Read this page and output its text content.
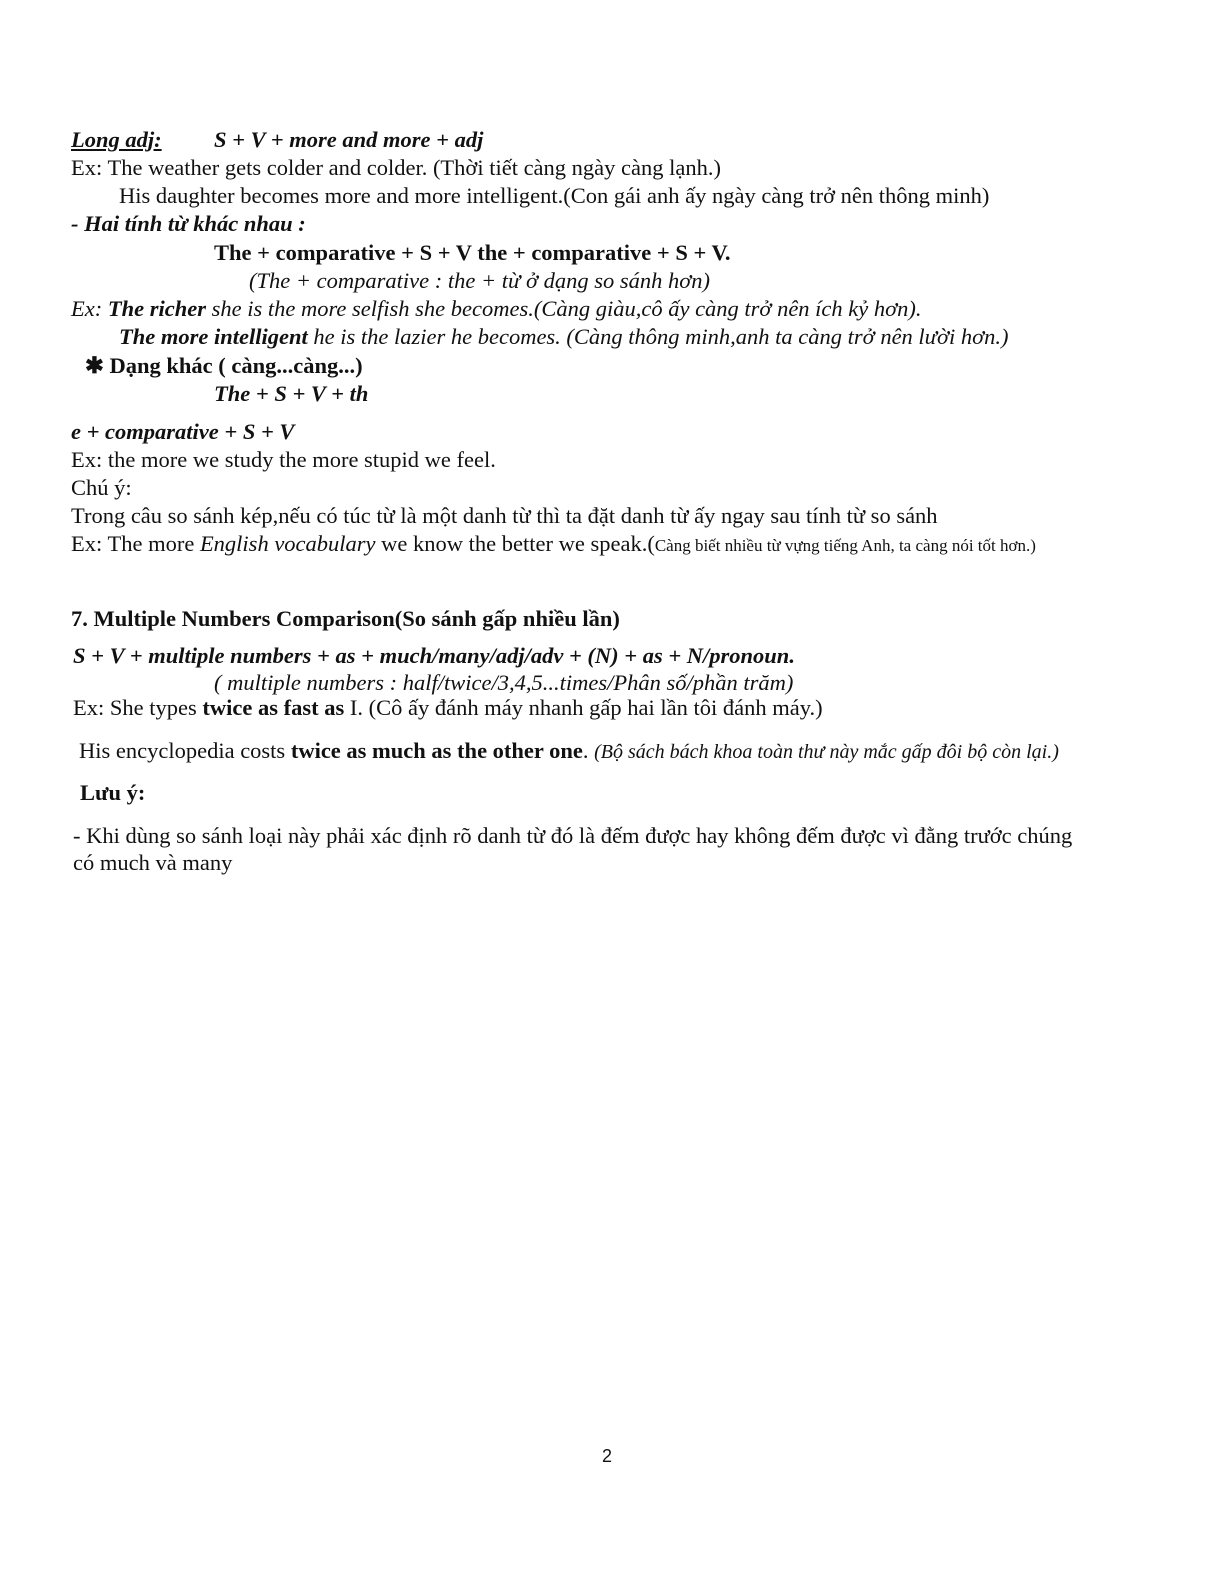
Long adj: S + V + more and more + adj
Ex: The weather gets colder and colder. (Thời tiết càng ngày càng lạnh.)
His daughter becomes more and more intelligent.(Con gái anh ấy ngày càng trở nên thông minh)
- Hai tính từ khác nhau :
The + comparative + S + V the + comparative + S + V.
(The + comparative : the + từ ở dạng so sánh hơn)
Ex: The richer she is the more selfish she becomes.(Càng giàu,cô ấy càng trở nên ích kỷ hơn).
The more intelligent he is the lazier he becomes. (Càng thông minh,anh ta càng trở nên lười hơn.)
✱ Dạng khác ( càng...càng...)
The + S + V + th
e + comparative + S + V
Ex: the more we study the more stupid we feel.
Chú ý:
Trong câu so sánh kép,nếu có túc từ là một danh từ thì ta đặt danh từ ấy ngay sau tính từ so sánh
Ex: The more English vocabulary we know the better we speak.(Càng biết nhiều từ vựng tiếng Anh, ta càng nói tốt hơn.)
7. Multiple Numbers Comparison(So sánh gấp nhiều lần)
S + V + multiple numbers + as + much/many/adj/adv + (N) + as + N/pronoun.
( multiple numbers : half/twice/3,4,5...times/Phân số/phần trăm)
Ex: She types twice as fast as I. (Cô ấy đánh máy nhanh gấp hai lần tôi đánh máy.)
His encyclopedia costs twice as much as the other one. (Bộ sách bách khoa toàn thư này mắc gấp đôi bộ còn lại.)
Lưu ý:
- Khi dùng so sánh loại này phải xác định rõ danh từ đó là đếm được hay không đếm được vì đằng trước chúng
có much và many
2
